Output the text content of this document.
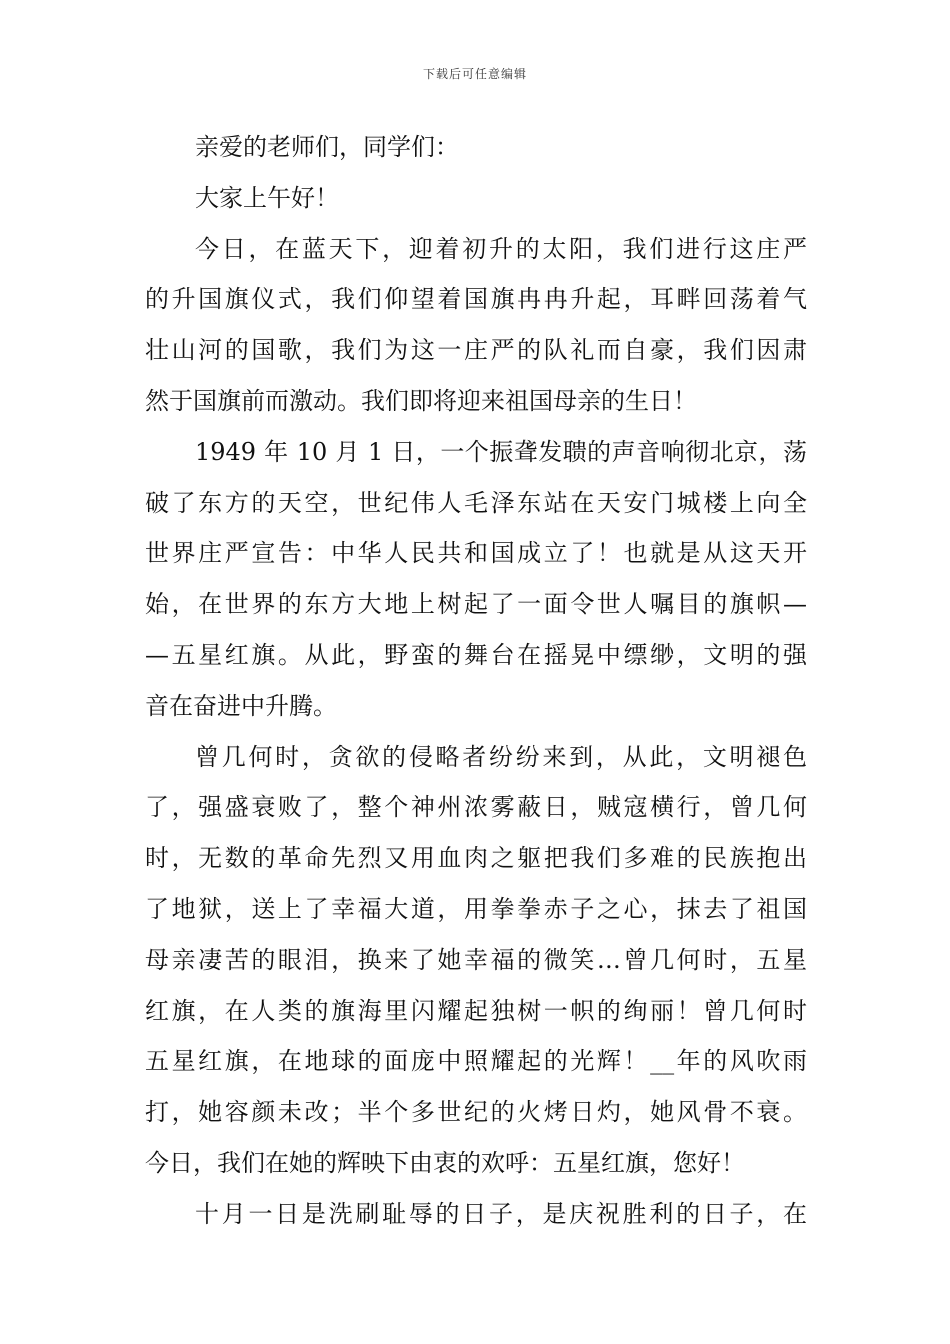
下载后可任意编辑
亲爱的老师们，同学们：
大家上午好！
今日，在蓝天下，迎着初升的太阳，我们进行这庄严
的升国旗仪式，我们仰望着国旗冉冉升起，耳畔回荡着气
壮山河的国歌，我们为这一庄严的队礼而自豪，我们因肃
然于国旗前而激动。我们即将迎来祖国母亲的生日！
1949 年 10 月 1 日，一个振聋发聩的声音响彻北京，荡
破了东方的天空，世纪伟人毛泽东站在天安门城楼上向全
世界庄严宣告：中华人民共和国成立了！也就是从这天开
始，在世界的东方大地上树起了一面令世人嘱目的旗帜—
—五星红旗。从此，野蛮的舞台在摇晃中缥缈，文明的强
音在奋进中升腾。
曾几何时，贪欲的侵略者纷纷来到，从此，文明褪色
了，强盛衰败了，整个神州浓雾蔽日，贼寇横行，曾几何
时，无数的革命先烈又用血肉之躯把我们多难的民族抱出
了地狱，送上了幸福大道，用拳拳赤子之心，抹去了祖国
母亲凄苦的眼泪，换来了她幸福的微笑…曾几何时，五星
红旗，在人类的旗海里闪耀起独树一帜的绚丽！曾几何时
五星红旗，在地球的面庞中照耀起的光辉！__年的风吹雨
打，她容颜未改；半个多世纪的火烤日灼，她风骨不衰。
今日，我们在她的辉映下由衷的欢呼：五星红旗，您好！
十月一日是洗刷耻辱的日子，是庆祝胜利的日子，在
